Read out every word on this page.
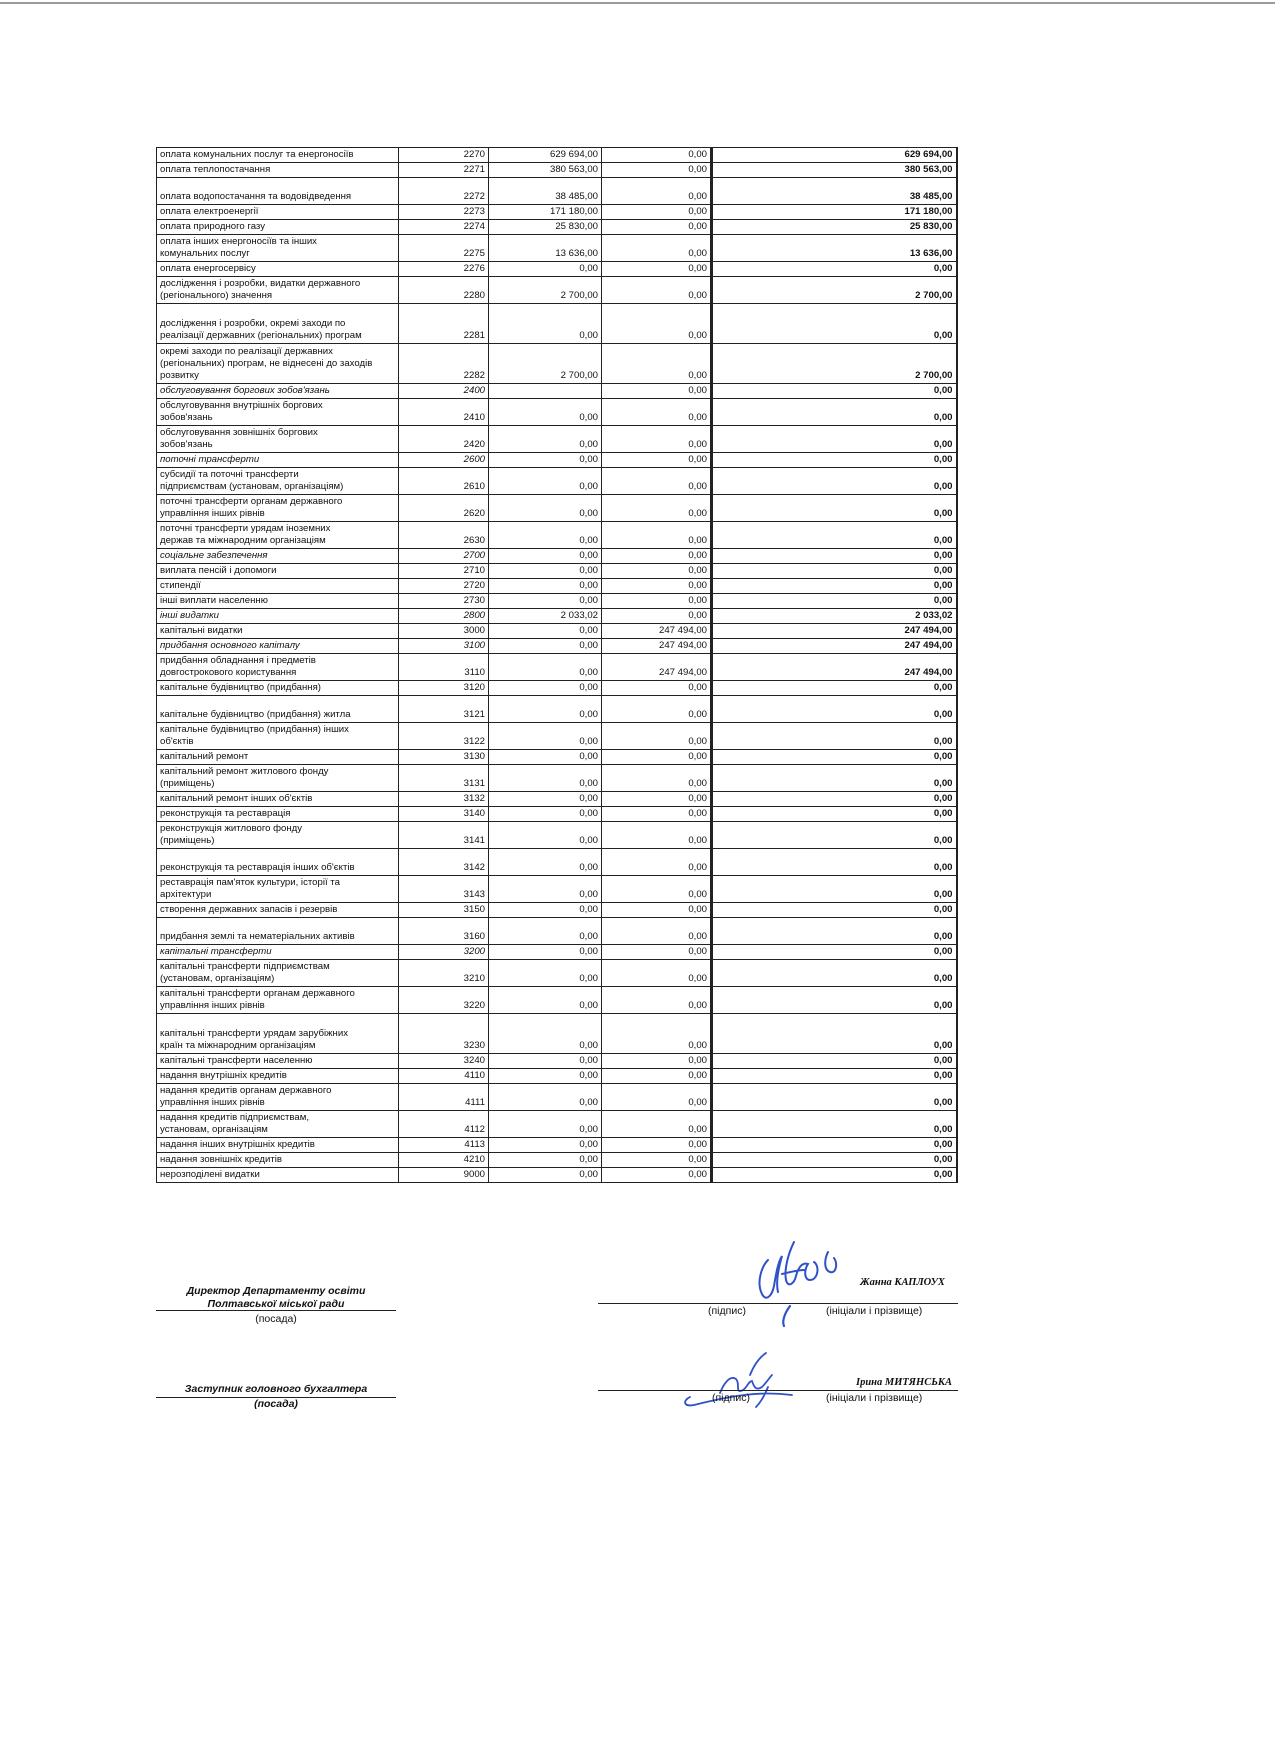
оплата комунальних послуг та енергоносіїв	2270	629 694,00	0,00	629 694,00
оплата теплопостачання	2271	380 563,00	0,00	380 563,00
оплата водопостачання та водовідведення	2272	38 485,00	0,00	38 485,00
оплата електроенергії	2273	171 180,00	0,00	171 180,00
оплата природного газу	2274	25 830,00	0,00	25 830,00
оплата інших енергоносіїв та інших
комунальних послуг	2275	13 636,00	0,00	13 636,00
оплата енергосервісу	2276	0,00	0,00	0,00
дослідження і розробки, видатки державного
(регіонального) значення	2280	2 700,00	0,00	2 700,00
дослідження і розробки, окремі заходи по
реалізації державних (регіональних) програм	2281	0,00	0,00	0,00
окремі заходи по реалізації державних
(регіональних) програм, не віднесені до заходів
розвитку	2282	2 700,00	0,00	2 700,00
обслуговування боргових зобов'язань	2400		0,00	0,00
обслуговування внутрішніх боргових
зобов'язань	2410	0,00	0,00	0,00
обслуговування зовнішніх боргових
зобов'язань	2420	0,00	0,00	0,00
поточні трансферти	2600	0,00	0,00	0,00
субсидії та поточні трансферти
підприємствам (установам, організаціям)	2610	0,00	0,00	0,00
поточні трансферти органам державного
управління інших рівнів	2620	0,00	0,00	0,00
поточні трансферти урядам іноземних
держав та міжнародним організаціям	2630	0,00	0,00	0,00
соціальне забезпечення	2700	0,00	0,00	0,00
виплата пенсій і допомоги	2710	0,00	0,00	0,00
стипендії	2720	0,00	0,00	0,00
інші виплати населенню	2730	0,00	0,00	0,00
інші видатки	2800	2 033,02	0,00	2 033,02
капітальні видатки	3000	0,00	247 494,00	247 494,00
придбання основного капіталу	3100	0,00	247 494,00	247 494,00
придбання обладнання і предметів
довгострокового користування	3110	0,00	247 494,00	247 494,00
капітальне будівництво (придбання)	3120	0,00	0,00	0,00
капітальне будівництво (придбання) житла	3121	0,00	0,00	0,00
капітальне будівництво (придбання) інших
об'єктів	3122	0,00	0,00	0,00
капітальний ремонт	3130	0,00	0,00	0,00
капітальний ремонт житлового фонду
(приміщень)	3131	0,00	0,00	0,00
капітальний ремонт інших об'єктів	3132	0,00	0,00	0,00
реконструкція та реставрація	3140	0,00	0,00	0,00
реконструкція житлового фонду
(приміщень)	3141	0,00	0,00	0,00
реконструкція та реставрація інших об'єктів	3142	0,00	0,00	0,00
реставрація пам'яток культури, історії та
архітектури	3143	0,00	0,00	0,00
створення державних запасів і резервів	3150	0,00	0,00	0,00
придбання землі та нематеріальних активів	3160	0,00	0,00	0,00
капітальні трансферти	3200	0,00	0,00	0,00
капітальні трансферти підприємствам
(установам, організаціям)	3210	0,00	0,00	0,00
капітальні трансферти органам державного
управління інших рівнів	3220	0,00	0,00	0,00
капітальні трансферти урядам зарубіжних
країн та міжнародним організаціям	3230	0,00	0,00	0,00
капітальні трансферти населенню	3240	0,00	0,00	0,00
надання внутрішніх кредитів	4110	0,00	0,00	0,00
надання кредитів органам державного
управління інших рівнів	4111	0,00	0,00	0,00
надання кредитів підприємствам,
установам, організаціям	4112	0,00	0,00	0,00
надання інших внутрішніх кредитів	4113	0,00	0,00	0,00
надання зовнішніх кредитів	4210	0,00	0,00	0,00
нерозподілені видатки	9000	0,00	0,00	0,00
Директор Департаменту освіти
Полтавської міської ради
(посада)
Жанна КАПЛОУХ
(підпис)	(ініціали і прізвище)
Заступник головного бухгалтера
(посада)
Ірина МИТЯНСЬКА
(підпис)	(ініціали і прізвище)
